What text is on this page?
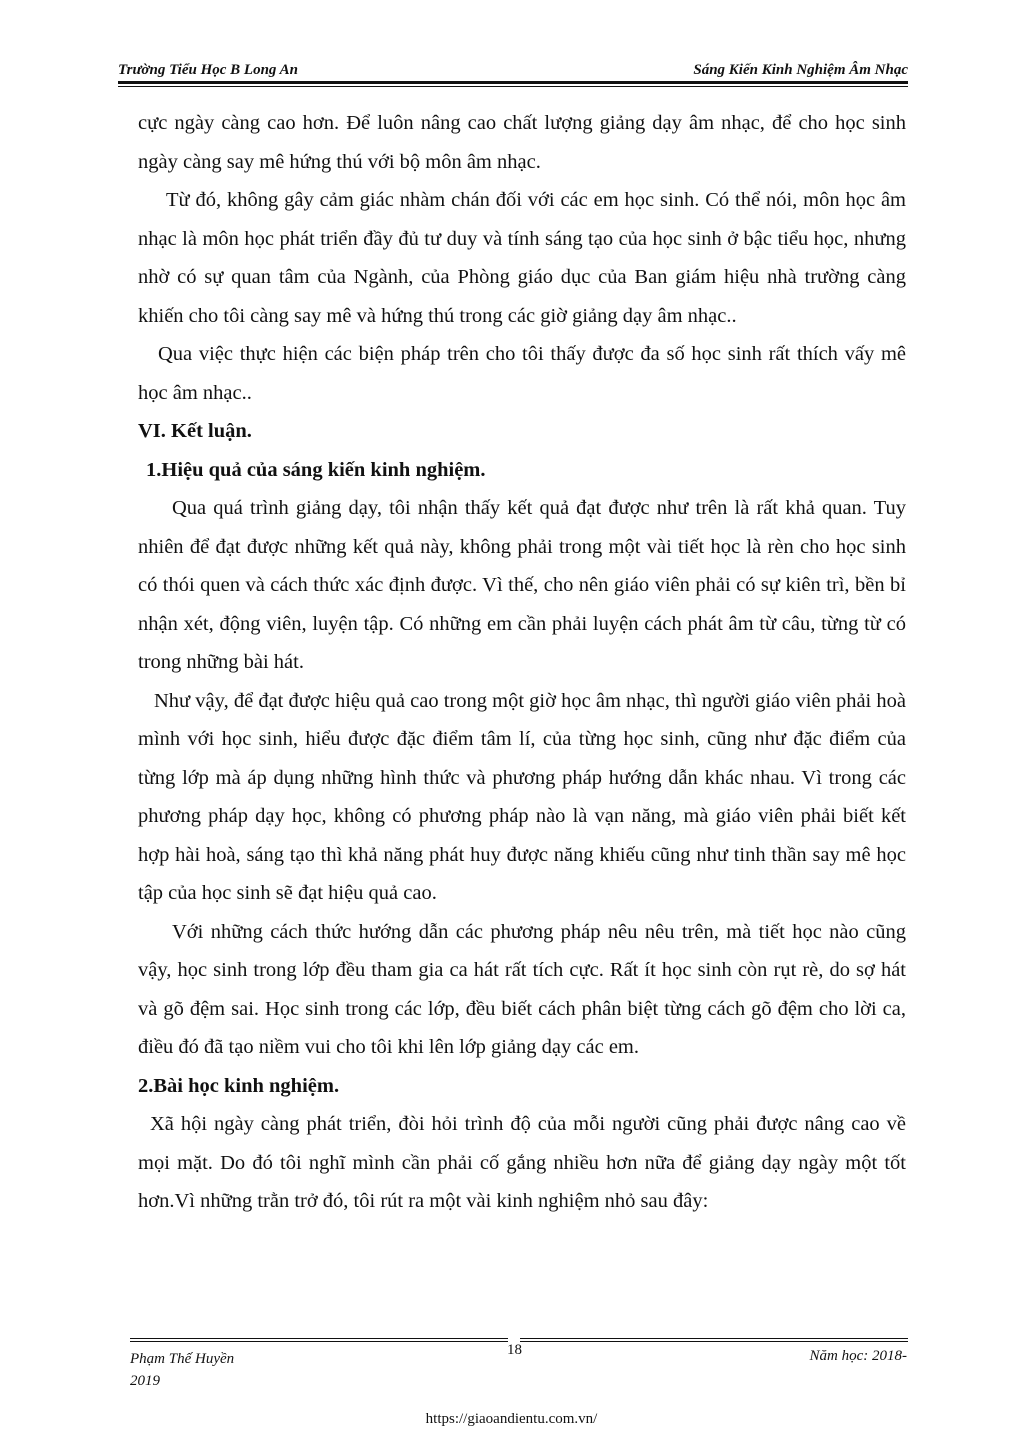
Trường Tiểu Học B Long An	Sáng Kiến Kinh Nghiệm Âm Nhạc

cực ngày càng cao hơn. Để luôn nâng cao chất lượng giảng dạy âm nhạc, để cho học sinh ngày càng say mê hứng thú với bộ môn âm nhạc.

Từ đó, không gây cảm giác nhàm chán đối với các em học sinh. Có thể nói, môn học âm nhạc là môn học phát triển đầy đủ tư duy và tính sáng tạo của học sinh ở bậc tiểu học, nhưng nhờ có sự quan tâm của Ngành, của Phòng giáo dục của Ban giám hiệu nhà trường càng khiến cho tôi càng say mê và hứng thú trong các giờ giảng dạy âm nhạc..

Qua việc thực hiện các biện pháp trên cho tôi thấy được đa số học sinh rất thích vấy mê học âm nhạc..

VI. Kết luận.

1.Hiệu quả của sáng kiến kinh nghiệm.

Qua quá trình giảng dạy, tôi nhận thấy kết quả đạt được như trên là rất khả quan. Tuy nhiên để đạt được những kết quả này, không phải trong một vài tiết học là rèn cho học sinh có thói quen và cách thức xác định được. Vì thế, cho nên giáo viên phải có sự kiên trì, bền bỉ nhận xét, động viên, luyện tập. Có những em cần phải luyện cách phát âm từ câu, từng từ có trong những bài hát.

Như vậy, để đạt được hiệu quả cao trong một giờ học âm nhạc, thì người giáo viên phải hoà mình với học sinh, hiểu được đặc điểm tâm lí, của từng học sinh, cũng như đặc điểm của từng lớp mà áp dụng những hình thức và phương pháp hướng dẫn khác nhau. Vì trong các phương pháp dạy học, không có phương pháp nào là vạn năng, mà giáo viên phải biết kết hợp hài hoà, sáng tạo thì khả năng phát huy được năng khiếu cũng như tinh thần say mê học tập của học sinh sẽ đạt hiệu quả cao.

Với những cách thức hướng dẫn các phương pháp nêu nêu trên, mà tiết học nào cũng vậy, học sinh trong lớp đều tham gia ca hát rất tích cực. Rất ít học sinh còn rụt rè, do sợ hát và gõ đệm sai. Học sinh trong các lớp, đều biết cách phân biệt từng cách gõ đệm cho lời ca, điều đó đã tạo niềm vui cho tôi khi lên lớp giảng dạy các em.

2.Bài học kinh nghiệm.

Xã hội ngày càng phát triển, đòi hỏi trình độ của mỗi người cũng phải được nâng cao về mọi mặt. Do đó tôi nghĩ mình cần phải cố gắng nhiều hơn nữa để giảng dạy ngày một tốt hơn.Vì những trằn trở đó, tôi rút ra một vài kinh nghiệm nhỏ sau đây:

Phạm Thế Huyền
2019
18	Năm học: 2018-
https://giaoandientu.com.vn/
